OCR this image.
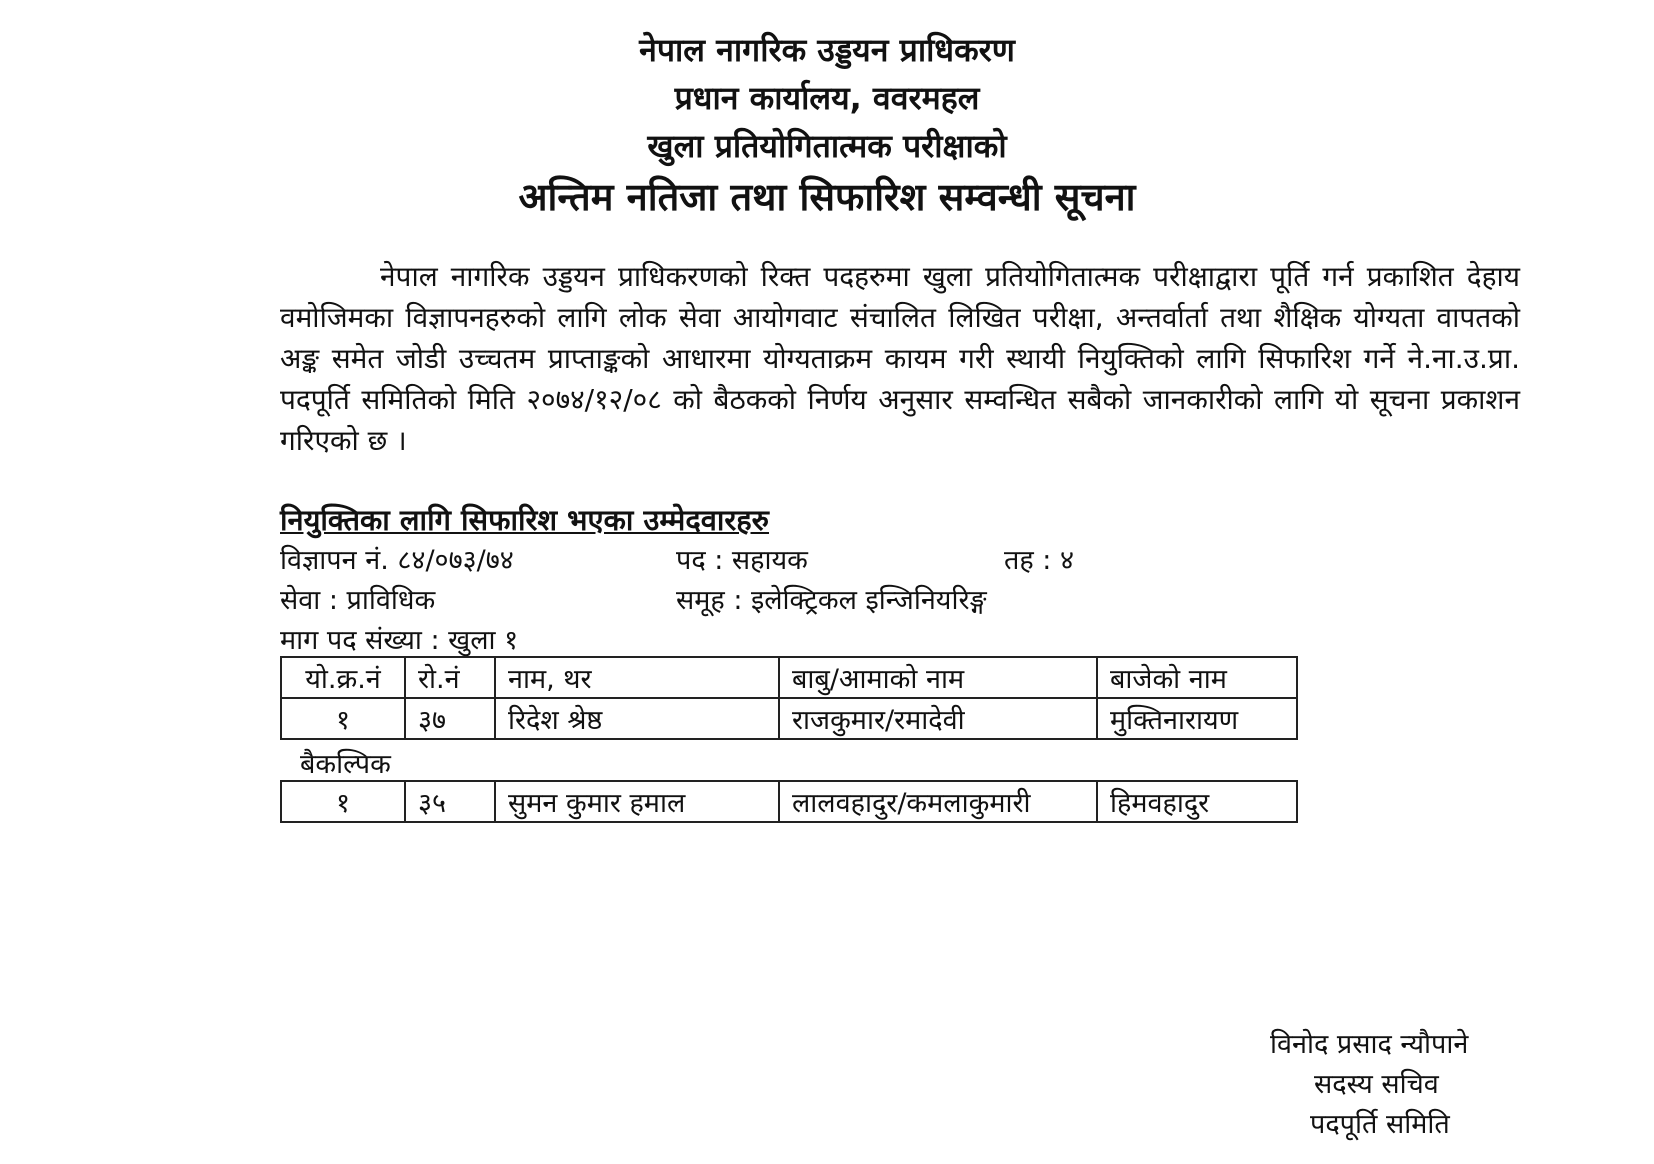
नेपाल नागरिक उड्डयन प्राधिकरण
प्रधान कार्यालय, ववरमहल
खुला प्रतियोगितात्मक परीक्षाको
अन्तिम नतिजा तथा सिफारिश सम्वन्धी सूचना
नेपाल नागरिक उड्डयन प्राधिकरणको रिक्त पदहरुमा खुला प्रतियोगितात्मक परीक्षाद्वारा पूर्ति गर्न प्रकाशित देहाय वमोजिमका विज्ञापनहरुको लागि लोक सेवा आयोगवाट संचालित लिखित परीक्षा, अन्तर्वार्ता तथा शैक्षिक योग्यता वापतको अङ्क समेत जोडी उच्चतम प्राप्ताङ्कको आधारमा योग्यताक्रम कायम गरी स्थायी नियुक्तिको लागि सिफारिश गर्ने ने.ना.उ.प्रा. पदपूर्ति समितिको मिति २०७४/१२/०८ को बैठकको निर्णय अनुसार सम्वन्धित सबैको जानकारीको लागि यो सूचना प्रकाशन गरिएको छ ।
नियुक्तिका लागि सिफारिश भएका उम्मेदवारहरु
विज्ञापन नं. ८४/०७३/७४	पद : सहायक	तह : ४
सेवा : प्राविधिक	समूह : इलेक्ट्रिकल इन्जिनियरिङ्ग
माग पद संख्या : खुला १
यो.क्र.नं	रो.नं	नाम, थर	बाबु/आमाको नाम	बाजेको नाम
१	३७	रिदेश श्रेष्ठ	राजकुमार/रमादेवी	मुक्तिनारायण
बैकल्पिक
१	३५	सुमन कुमार हमाल	लालवहादुर/कमलाकुमारी	हिमवहादुर
विनोद प्रसाद न्यौपाने
सदस्य सचिव
पदपूर्ति समिति
